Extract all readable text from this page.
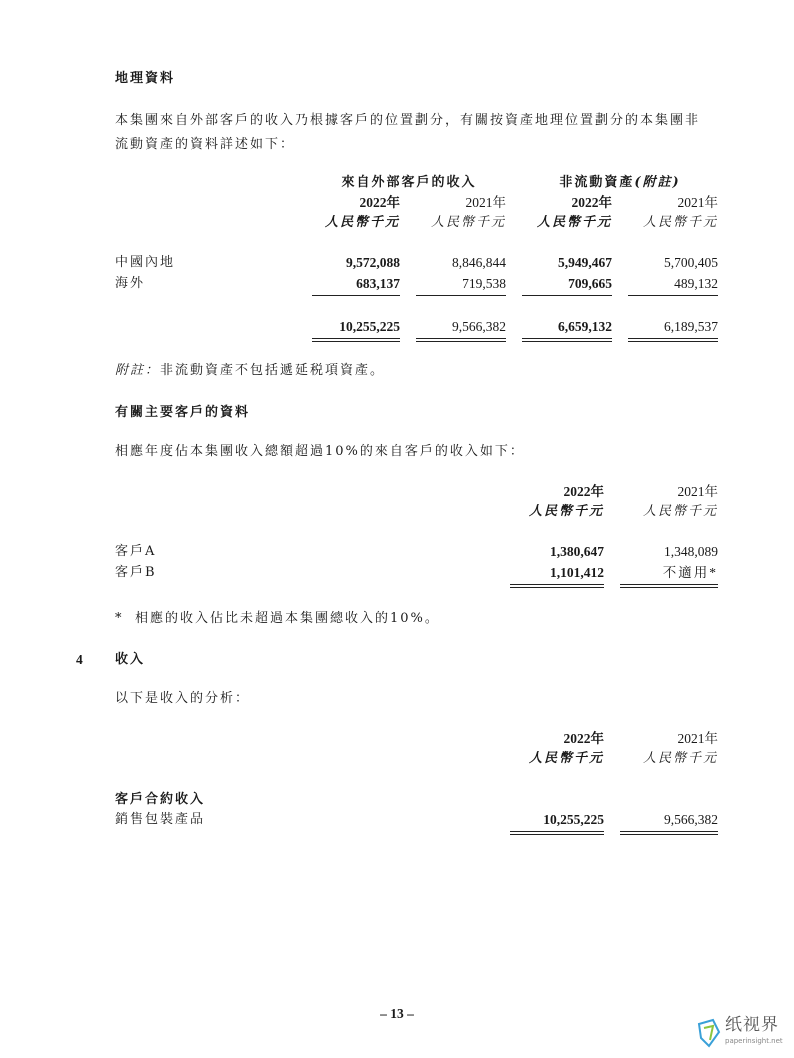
地理資料
本集團來自外部客戶的收入乃根據客戶的位置劃分，有關按資產地理位置劃分的本集團非
流動資產的資料詳述如下：
來自外部客戶的收入	非流動資產(附註)
2022年	2021年	2022年	2021年
人民幣千元	人民幣千元	人民幣千元	人民幣千元
中國內地	9,572,088	8,846,844	5,949,467	5,700,405
海外	683,137	719,538	709,665	489,132
10,255,225	9,566,382	6,659,132	6,189,537
附註：非流動資產不包括遞延税項資產。
有關主要客戶的資料
相應年度佔本集團收入總額超過10%的來自客戶的收入如下：
2022年	2021年
人民幣千元	人民幣千元
客戶A	1,380,647	1,348,089
客戶B	1,101,412	不適用*
* 相應的收入佔比未超過本集團總收入的10%。
4 收入
以下是收入的分析：
2022年	2021年
人民幣千元	人民幣千元
客戶合約收入
銷售包裝產品	10,255,225	9,566,382
– 13 –
纸视界
paperinsight.net
